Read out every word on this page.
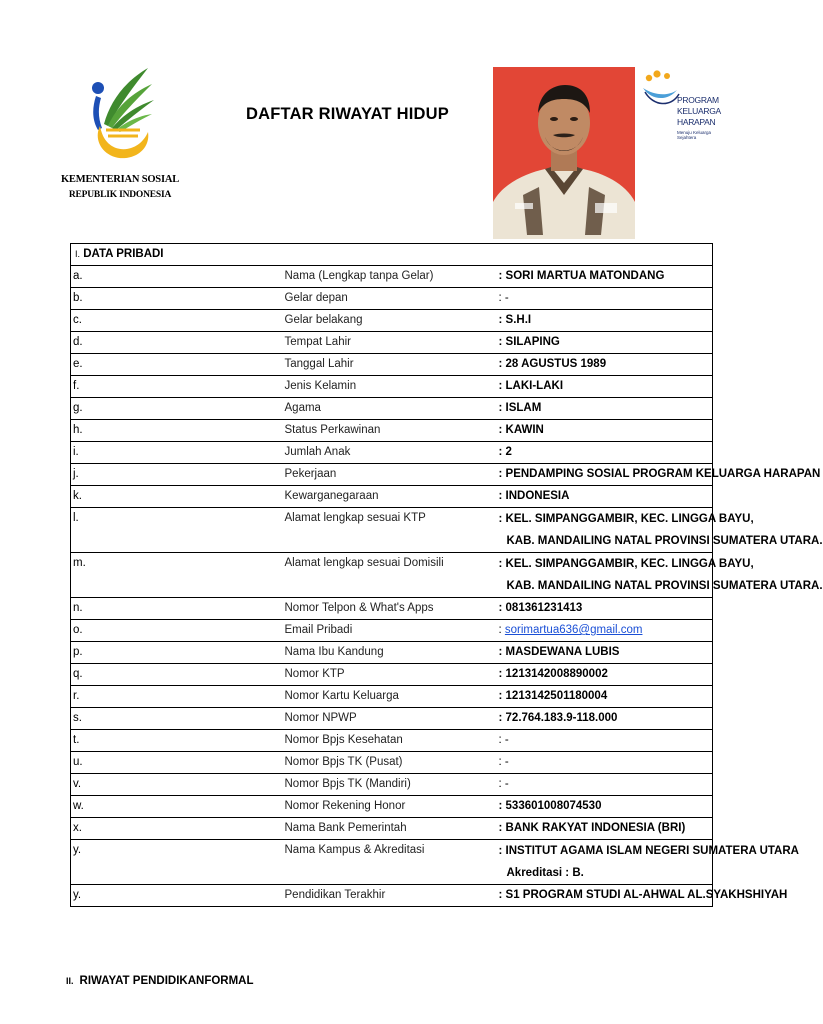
KEMENTERIAN SOSIAL
REPUBLIK INDONESIA
DAFTAR RIWAYAT HIDUP
PROGRAM
KELUARGA
HARAPAN
Menuju Keluarga Sejahtera
I. DATA PRIBADI		
a.	Nama (Lengkap tanpa Gelar)	: SORI MARTUA MATONDANG
b.	Gelar depan	: -
c.	Gelar belakang	: S.H.I
d.	Tempat Lahir	: SILAPING
e.	Tanggal Lahir	: 28 AGUSTUS 1989
f.	Jenis Kelamin	: LAKI-LAKI
g.	Agama	: ISLAM
h.	Status Perkawinan	: KAWIN
i.	Jumlah Anak	: 2
j.	Pekerjaan	: PENDAMPING SOSIAL PROGRAM KELUARGA HARAPAN
k.	Kewarganegaraan	: INDONESIA
l.	Alamat lengkap sesuai KTP	: KEL. SIMPANGGAMBIR, KEC. LINGGA BAYU,
KAB. MANDAILING NATAL PROVINSI SUMATERA UTARA.

m.	Alamat lengkap sesuai Domisili	: KEL. SIMPANGGAMBIR, KEC. LINGGA BAYU,
KAB. MANDAILING NATAL PROVINSI SUMATERA UTARA.

n.	Nomor Telpon & What's Apps	: 081361231413
o.	Email Pribadi	: sorimartua636@gmail.com
p.	Nama Ibu Kandung	: MASDEWANA LUBIS
q.	Nomor KTP	: 1213142008890002
r.	Nomor Kartu Keluarga	: 1213142501180004
s.	Nomor NPWP	: 72.764.183.9-118.000
t.	Nomor Bpjs Kesehatan	: -
u.	Nomor Bpjs TK (Pusat)	: -
v.	Nomor Bpjs TK (Mandiri)	: -
w.	Nomor Rekening Honor	: 533601008074530
x.	Nama Bank Pemerintah	: BANK RAKYAT INDONESIA (BRI)
y.	Nama Kampus & Akreditasi	: INSTITUT AGAMA ISLAM NEGERI SUMATERA UTARA
Akreditasi : B.

y.	Pendidikan Terakhir	: S1 PROGRAM STUDI AL-AHWAL AL.SYAKHSHIYAH
II. RIWAYAT PENDIDIKANFORMAL
